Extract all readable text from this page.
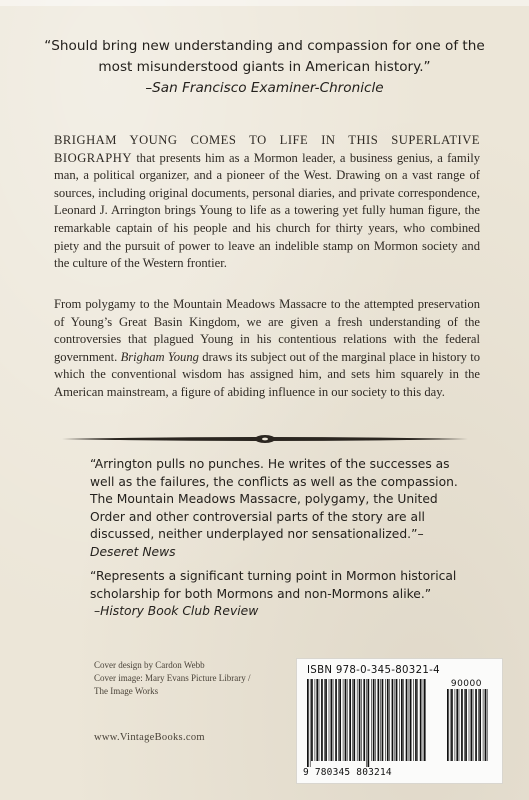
“Should bring new understanding and compassion for one of the most misunderstood giants in American history.”
–San Francisco Examiner-Chronicle
BRIGHAM YOUNG COMES TO LIFE IN THIS SUPERLATIVE BIOGRAPHY that presents him as a Mormon leader, a business genius, a family man, a political organizer, and a pioneer of the West. Drawing on a vast range of sources, including original documents, personal diaries, and private correspondence, Leonard J. Arrington brings Young to life as a towering yet fully human figure, the remarkable captain of his people and his church for thirty years, who combined piety and the pursuit of power to leave an indelible stamp on Mormon society and the culture of the Western frontier.
From polygamy to the Mountain Meadows Massacre to the attempted preservation of Young’s Great Basin Kingdom, we are given a fresh understanding of the controversies that plagued Young in his contentious relations with the federal government. Brigham Young draws its subject out of the marginal place in history to which the conventional wisdom has assigned him, and sets him squarely in the American mainstream, a figure of abiding influence in our society to this day.
“Arrington pulls no punches. He writes of the successes as well as the failures, the conflicts as well as the compassion. The Mountain Meadows Massacre, polygamy, the United Order and other controversial parts of the story are all discussed, neither underplayed nor sensationalized.”–Deseret News
“Represents a significant turning point in Mormon historical scholarship for both Mormons and non-Mormons alike.”
–History Book Club Review
Cover design by Cardon Webb
Cover image: Mary Evans Picture Library / The Image Works
www.VintageBooks.com
ISBN 978-0-345-80321-4
90000
9 780345 803214
